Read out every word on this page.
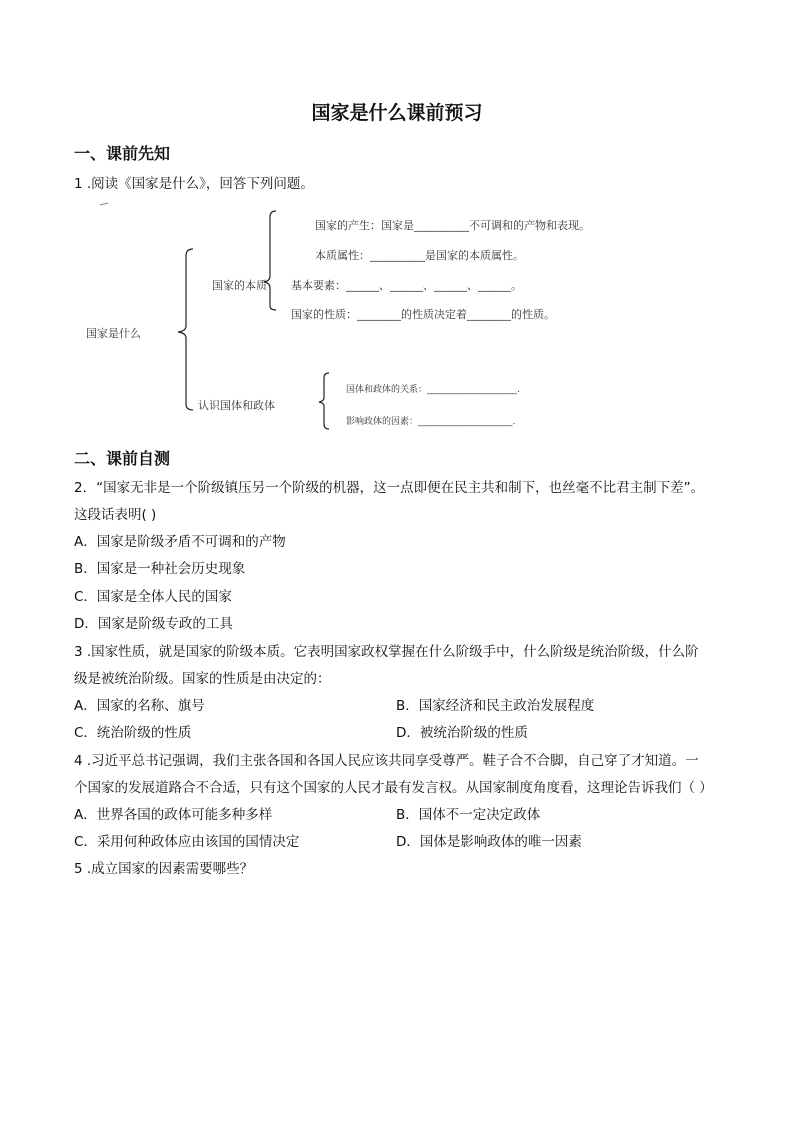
国家是什么课前预习
一、课前先知
1 .阅读《国家是什么》，回答下列问题。
国家是什么
国家的本质
认识国体和政体
国家的产生：国家是__________不可调和的产物和表现。
本质属性：__________是国家的本质属性。
基本要素：______、______、______、______。
国家的性质：________的性质决定着________的性质。
国体和政体的关系：____________________.
影响政体的因素：_____________________.
二、课前自测
2．“国家无非是一个阶级镇压另一个阶级的机器，这一点即便在民主共和制下，也丝毫不比君主制下差”。
这段话表明( )
A．国家是阶级矛盾不可调和的产物
B．国家是一种社会历史现象
C．国家是全体人民的国家
D．国家是阶级专政的工具
3 .国家性质，就是国家的阶级本质。它表明国家政权掌握在什么阶级手中，什么阶级是统治阶级，什么阶
级是被统治阶级。国家的性质是由决定的：
A．国家的名称、旗号	B．国家经济和民主政治发展程度
C．统治阶级的性质	D．被统治阶级的性质
4 .习近平总书记强调，我们主张各国和各国人民应该共同享受尊严。鞋子合不合脚，自己穿了才知道。一
个国家的发展道路合不合适，只有这个国家的人民才最有发言权。从国家制度角度看，这理论告诉我们（ ）
A．世界各国的政体可能多种多样	B．国体不一定决定政体
C．采用何种政体应由该国的国情决定	D．国体是影响政体的唯一因素
5 .成立国家的因素需要哪些？
